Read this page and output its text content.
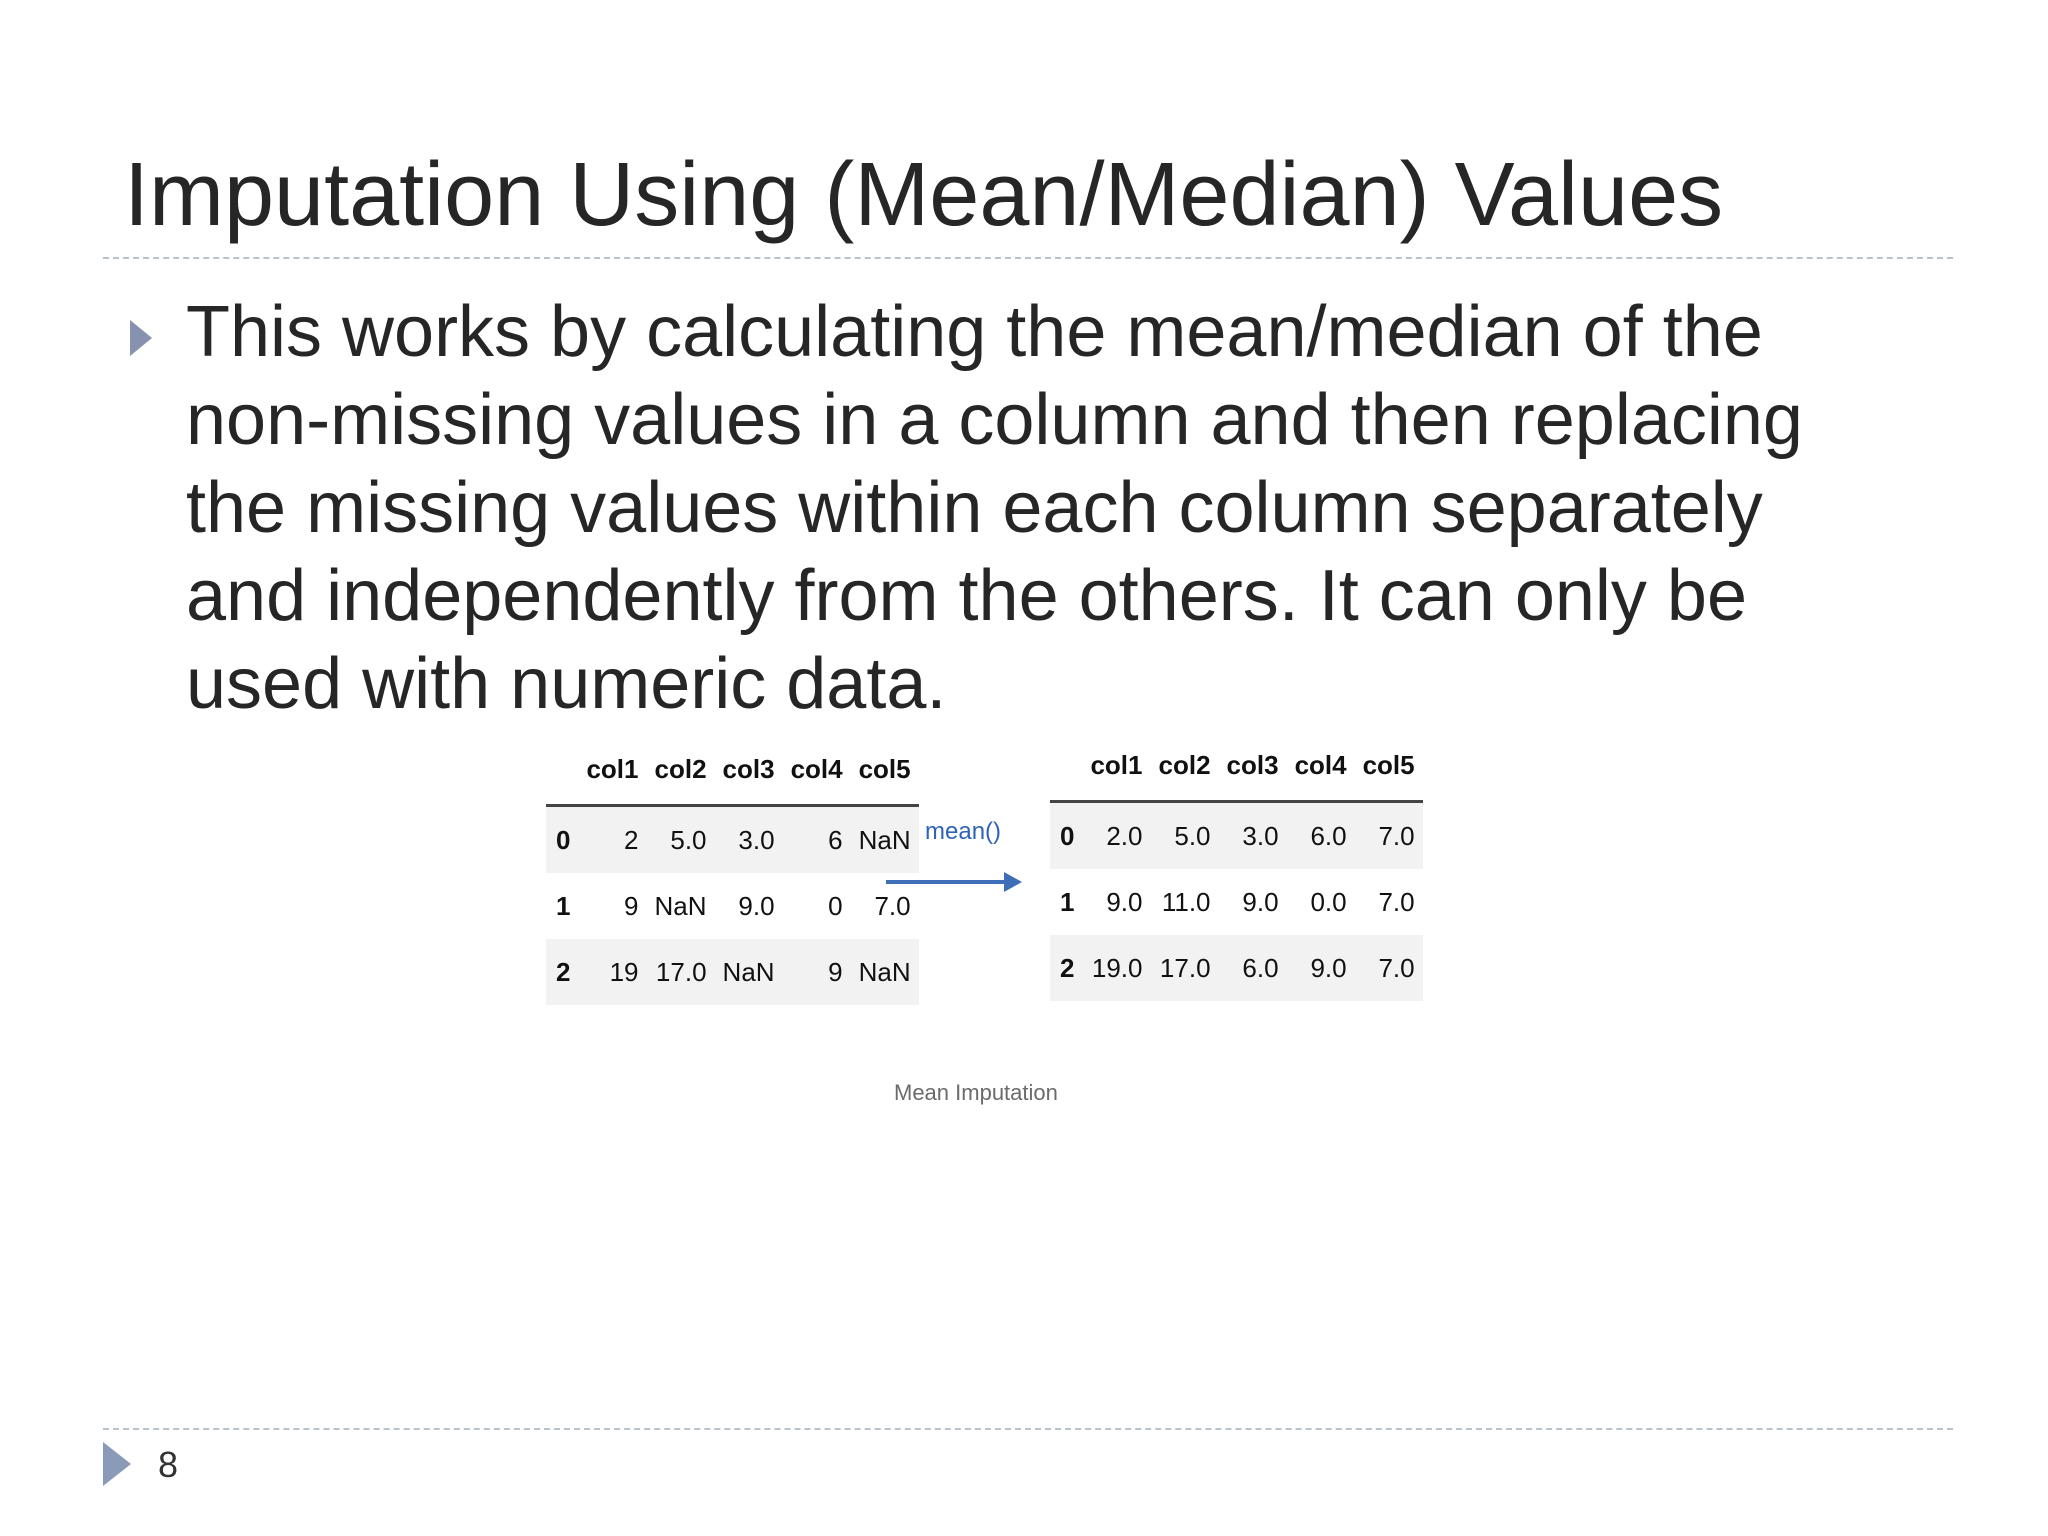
Imputation Using (Mean/Median) Values
This works by calculating the mean/median of the
non-missing values in a column and then replacing
the missing values within each column separately
and independently from the others. It can only be
used with numeric data.
	col1	col2	col3	col4	col5
0	2	5.0	3.0	6	NaN
1	9	NaN	9.0	0	7.0
2	19	17.0	NaN	9	NaN
mean()
	col1	col2	col3	col4	col5
0	2.0	5.0	3.0	6.0	7.0
1	9.0	11.0	9.0	0.0	7.0
2	19.0	17.0	6.0	9.0	7.0
Mean Imputation
8
